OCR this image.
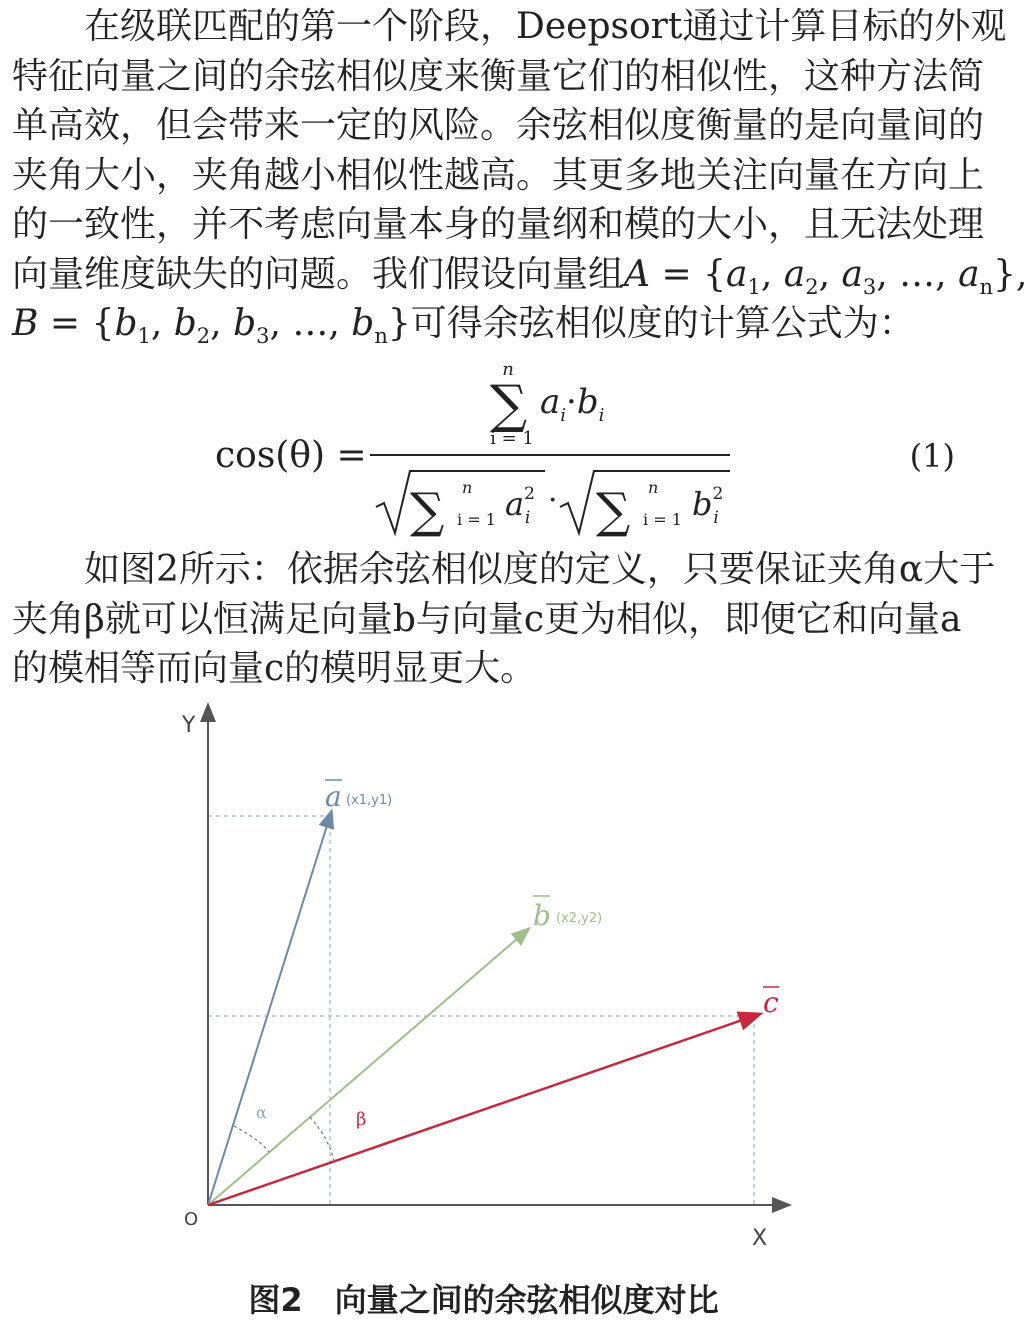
在级联匹配的第一个阶段，Deepsort通过计算目标的外观
特征向量之间的余弦相似度来衡量它们的相似性，这种方法简
单高效，但会带来一定的风险。余弦相似度衡量的是向量间的
夹角大小，夹角越小相似性越高。其更多地关注向量在方向上
的一致性，并不考虑向量本身的量纲和模的大小，且无法处理
向量维度缺失的问题。我们假设向量组$A = \{a_1$, $a_2$, $a_3$, …, $a_n$},
$B = \{b_1$, $b_2$, $b_3$, …, $b_n$}可得余弦相似度的计算公式为：
cos(θ) =
n
∑
i = 1
$a_i\cdot b_i$
∑ n
i = 1 $a^2$ i · ∑ n
i = 1 $b^2$ i
(1)
如图2所示：依据余弦相似度的定义，只要保证夹角α大于
夹角β就可以恒满足向量b与向量c更为相似，即便它和向量a
的模相等而向量c的模明显更大。
Y
X
O
α	β
a (x1,y1)
b (x2,y2)
c
图2　向量之间的余弦相似度对比
